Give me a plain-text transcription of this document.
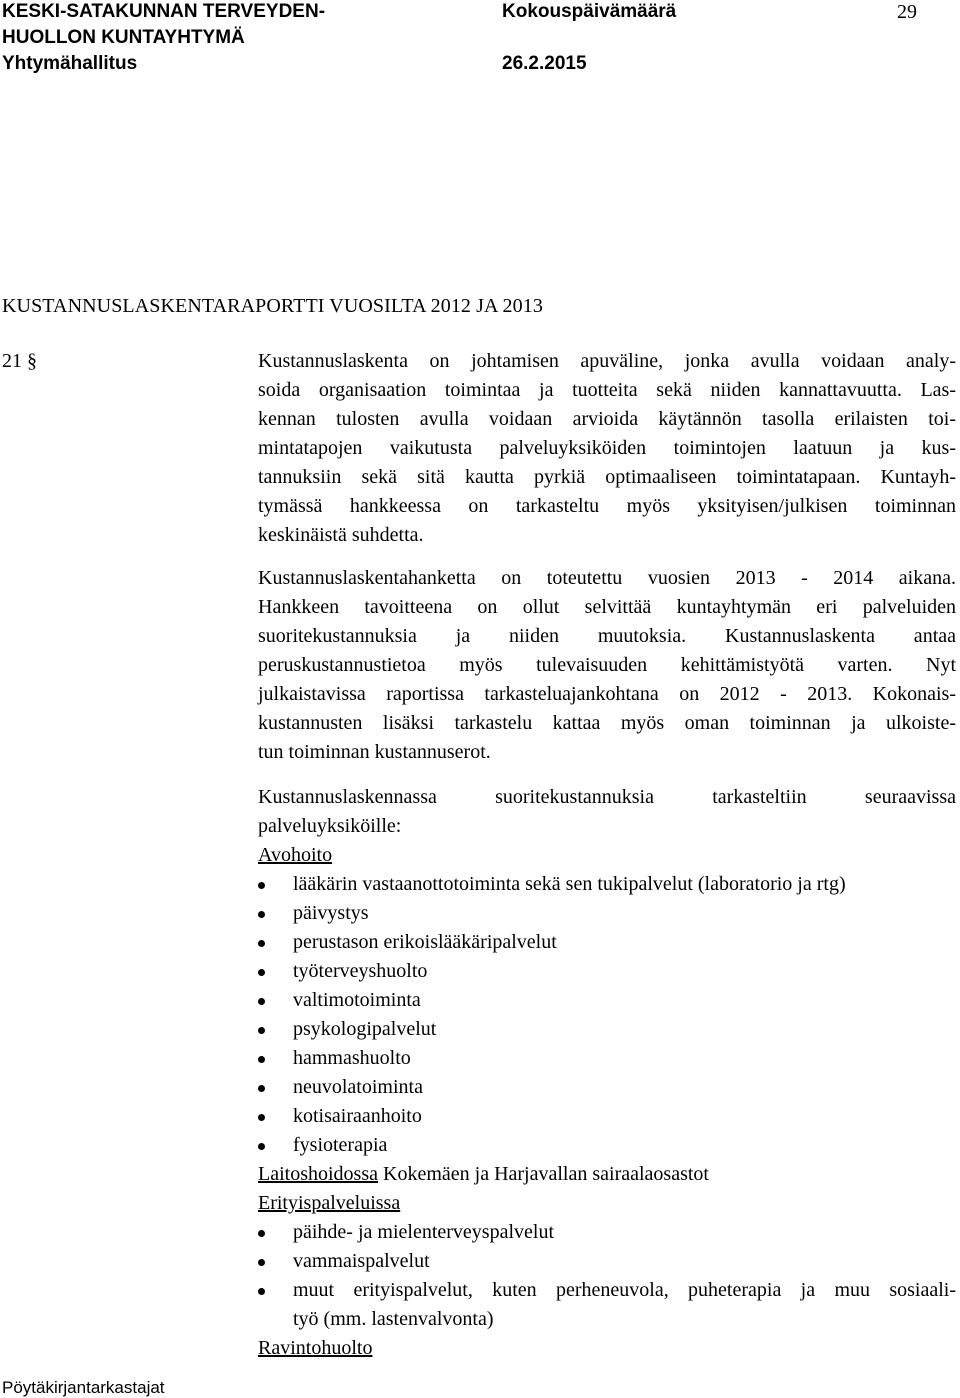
KESKI-SATAKUNNAN TERVEYDEN-
HUOLLON KUNTAYHTYMÄ
Yhtymähallitus
Kokouspäivämäärä
26.2.2015
29
KUSTANNUSLASKENTARAPORTTI VUOSILTA 2012 JA 2013
21 §	Kustannuslaskenta on johtamisen apuväline, jonka avulla voidaan analy-
soida organisaation toimintaa ja tuotteita sekä niiden kannattavuutta. Las-
kennan tulosten avulla voidaan arvioida käytännön tasolla erilaisten toi-
mintatapojen vaikutusta palveluyksiköiden toimintojen laatuun ja kus-
tannuksiin sekä sitä kautta pyrkiä optimaaliseen toimintatapaan. Kuntayh-
tymässä hankkeessa on tarkasteltu myös yksityisen/julkisen toiminnan
keskinäistä suhdetta.
Kustannuslaskentahanketta on toteutettu vuosien 2013 - 2014 aikana.
Hankkeen tavoitteena on ollut selvittää kuntayhtymän eri palveluiden
suoritekustannuksia ja niiden muutoksia. Kustannuslaskenta antaa
peruskustannustietoa myös tulevaisuuden kehittämistyötä varten. Nyt
julkaistavissa raportissa tarkasteluajankohtana on 2012 - 2013. Kokonais-
kustannusten lisäksi tarkastelu kattaa myös oman toiminnan ja ulkoiste-
tun toiminnan kustannuserot.
Kustannuslaskennassa suoritekustannuksia tarkasteltiin seuraavissa
palveluyksiköille:
Avohoito
lääkärin vastaanottotoiminta sekä sen tukipalvelut (laboratorio ja rtg)
päivystys
perustason erikoislääkäripalvelut
työterveyshuolto
valtimotoiminta
psykologipalvelut
hammashuolto
neuvolatoiminta
kotisairaanhoito
fysioterapia
Laitoshoidossa Kokemäen ja Harjavallan sairaalaosastot
Erityispalveluissa
päihde- ja mielenterveyspalvelut
vammaispalvelut
muut erityispalvelut, kuten perheneuvola, puheterapia ja muu sosiaali-
työ (mm. lastenvalvonta)
Ravintohuolto
Pöytäkirjantarkastajat
